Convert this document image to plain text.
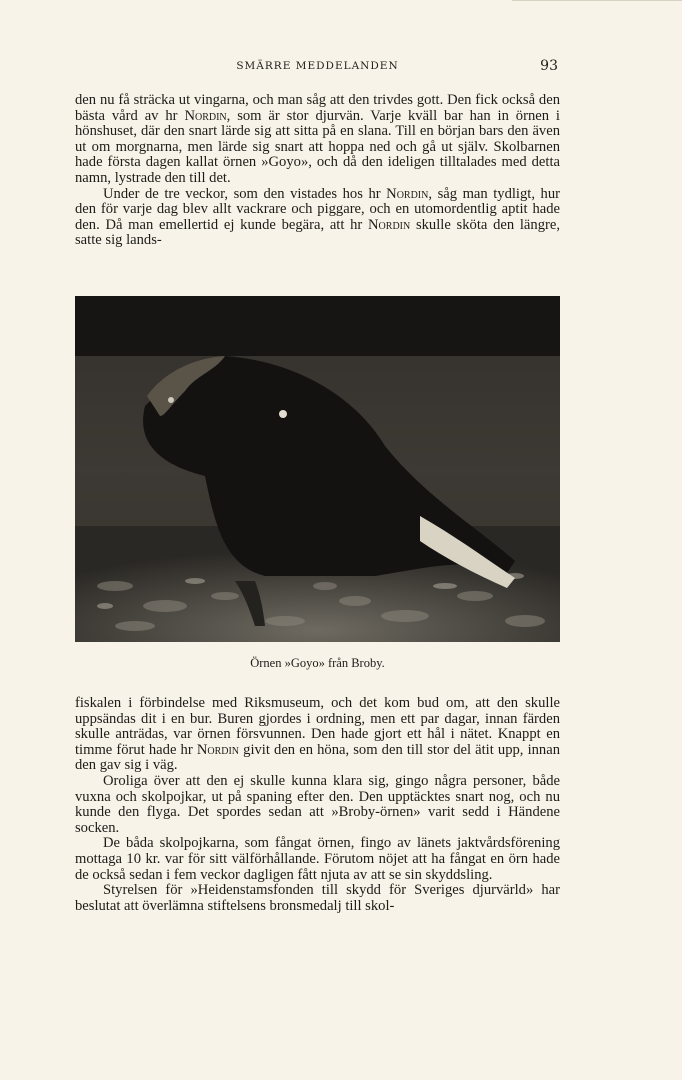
SMÄRRE MEDDELANDEN	93

den nu få sträcka ut vingarna, och man såg att den trivdes gott. Den fick också den bästa vård av hr Nordin, som är stor djurvän. Varje kväll bar han in örnen i hönshuset, där den snart lärde sig att sitta på en slana. Till en början bars den även ut om morgnarna, men lärde sig snart att hoppa ned och gå ut själv. Skolbarnen hade första dagen kallat örnen »Goyo», och då den ideligen tilltalades med detta namn, lystrade den till det.

Under de tre veckor, som den vistades hos hr Nordin, såg man tydligt, hur den för varje dag blev allt vackrare och piggare, och en utomordentlig aptit hade den. Då man emellertid ej kunde begära, att hr Nordin skulle sköta den längre, satte sig lands-

Örnen »Goyo» från Broby.

fiskalen i förbindelse med Riksmuseum, och det kom bud om, att den skulle uppsändas dit i en bur. Buren gjordes i ordning, men ett par dagar, innan färden skulle anträdas, var örnen försvunnen. Den hade gjort ett hål i nätet. Knappt en timme förut hade hr Nordin givit den en höna, som den till stor del ätit upp, innan den gav sig i väg.

Oroliga över att den ej skulle kunna klara sig, gingo några personer, både vuxna och skolpojkar, ut på spaning efter den. Den upptäcktes snart nog, och nu kunde den flyga. Det spordes sedan att »Broby-örnen» varit sedd i Händene socken.

De båda skolpojkarna, som fångat örnen, fingo av länets jaktvårdsförening mottaga 10 kr. var för sitt välförhållande. Förutom nöjet att ha fångat en örn hade de också sedan i fem veckor dagligen fått njuta av att se sin skyddsling.

Styrelsen för »Heidenstamsfonden till skydd för Sveriges djurvärld» har beslutat att överlämna stiftelsens bronsmedalj till skol-
